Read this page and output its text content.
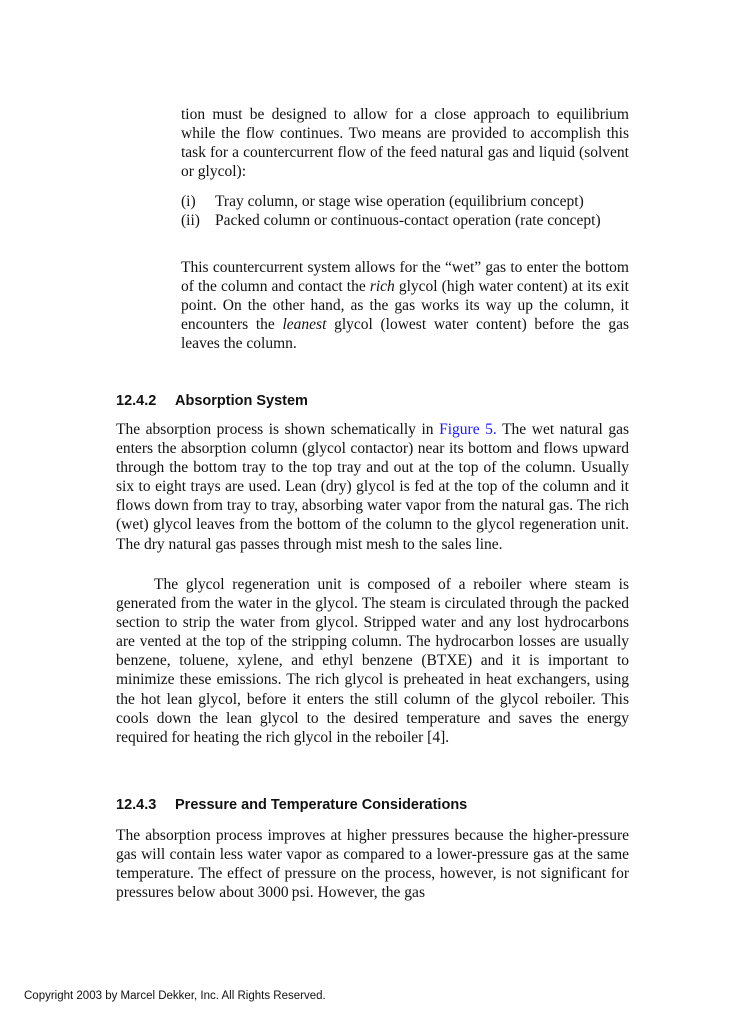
tion must be designed to allow for a close approach to equilibrium while the flow continues. Two means are provided to accomplish this task for a countercurrent flow of the feed natural gas and liquid (solvent or glycol):

(i) Tray column, or stage wise operation (equilibrium concept)
(ii) Packed column or continuous-contact operation (rate concept)

This countercurrent system allows for the “wet” gas to enter the bottom of the column and contact the rich glycol (high water content) at its exit point. On the other hand, as the gas works its way up the column, it encounters the leanest glycol (lowest water content) before the gas leaves the column.

12.4.2 Absorption System

The absorption process is shown schematically in Figure 5. The wet natural gas enters the absorption column (glycol contactor) near its bottom and flows upward through the bottom tray to the top tray and out at the top of the column. Usually six to eight trays are used. Lean (dry) glycol is fed at the top of the column and it flows down from tray to tray, absorbing water vapor from the natural gas. The rich (wet) glycol leaves from the bottom of the column to the glycol regeneration unit. The dry natural gas passes through mist mesh to the sales line.

The glycol regeneration unit is composed of a reboiler where steam is generated from the water in the glycol. The steam is circulated through the packed section to strip the water from glycol. Stripped water and any lost hydrocarbons are vented at the top of the stripping column. The hydrocarbon losses are usually benzene, toluene, xylene, and ethyl benzene (BTXE) and it is important to minimize these emissions. The rich glycol is preheated in heat exchangers, using the hot lean glycol, before it enters the still column of the glycol reboiler. This cools down the lean glycol to the desired temperature and saves the energy required for heating the rich glycol in the reboiler [4].

12.4.3 Pressure and Temperature Considerations

The absorption process improves at higher pressures because the higher-pressure gas will contain less water vapor as compared to a lower-pressure gas at the same temperature. The effect of pressure on the process, however, is not significant for pressures below about 3000 psi. However, the gas

Copyright 2003 by Marcel Dekker, Inc. All Rights Reserved.
